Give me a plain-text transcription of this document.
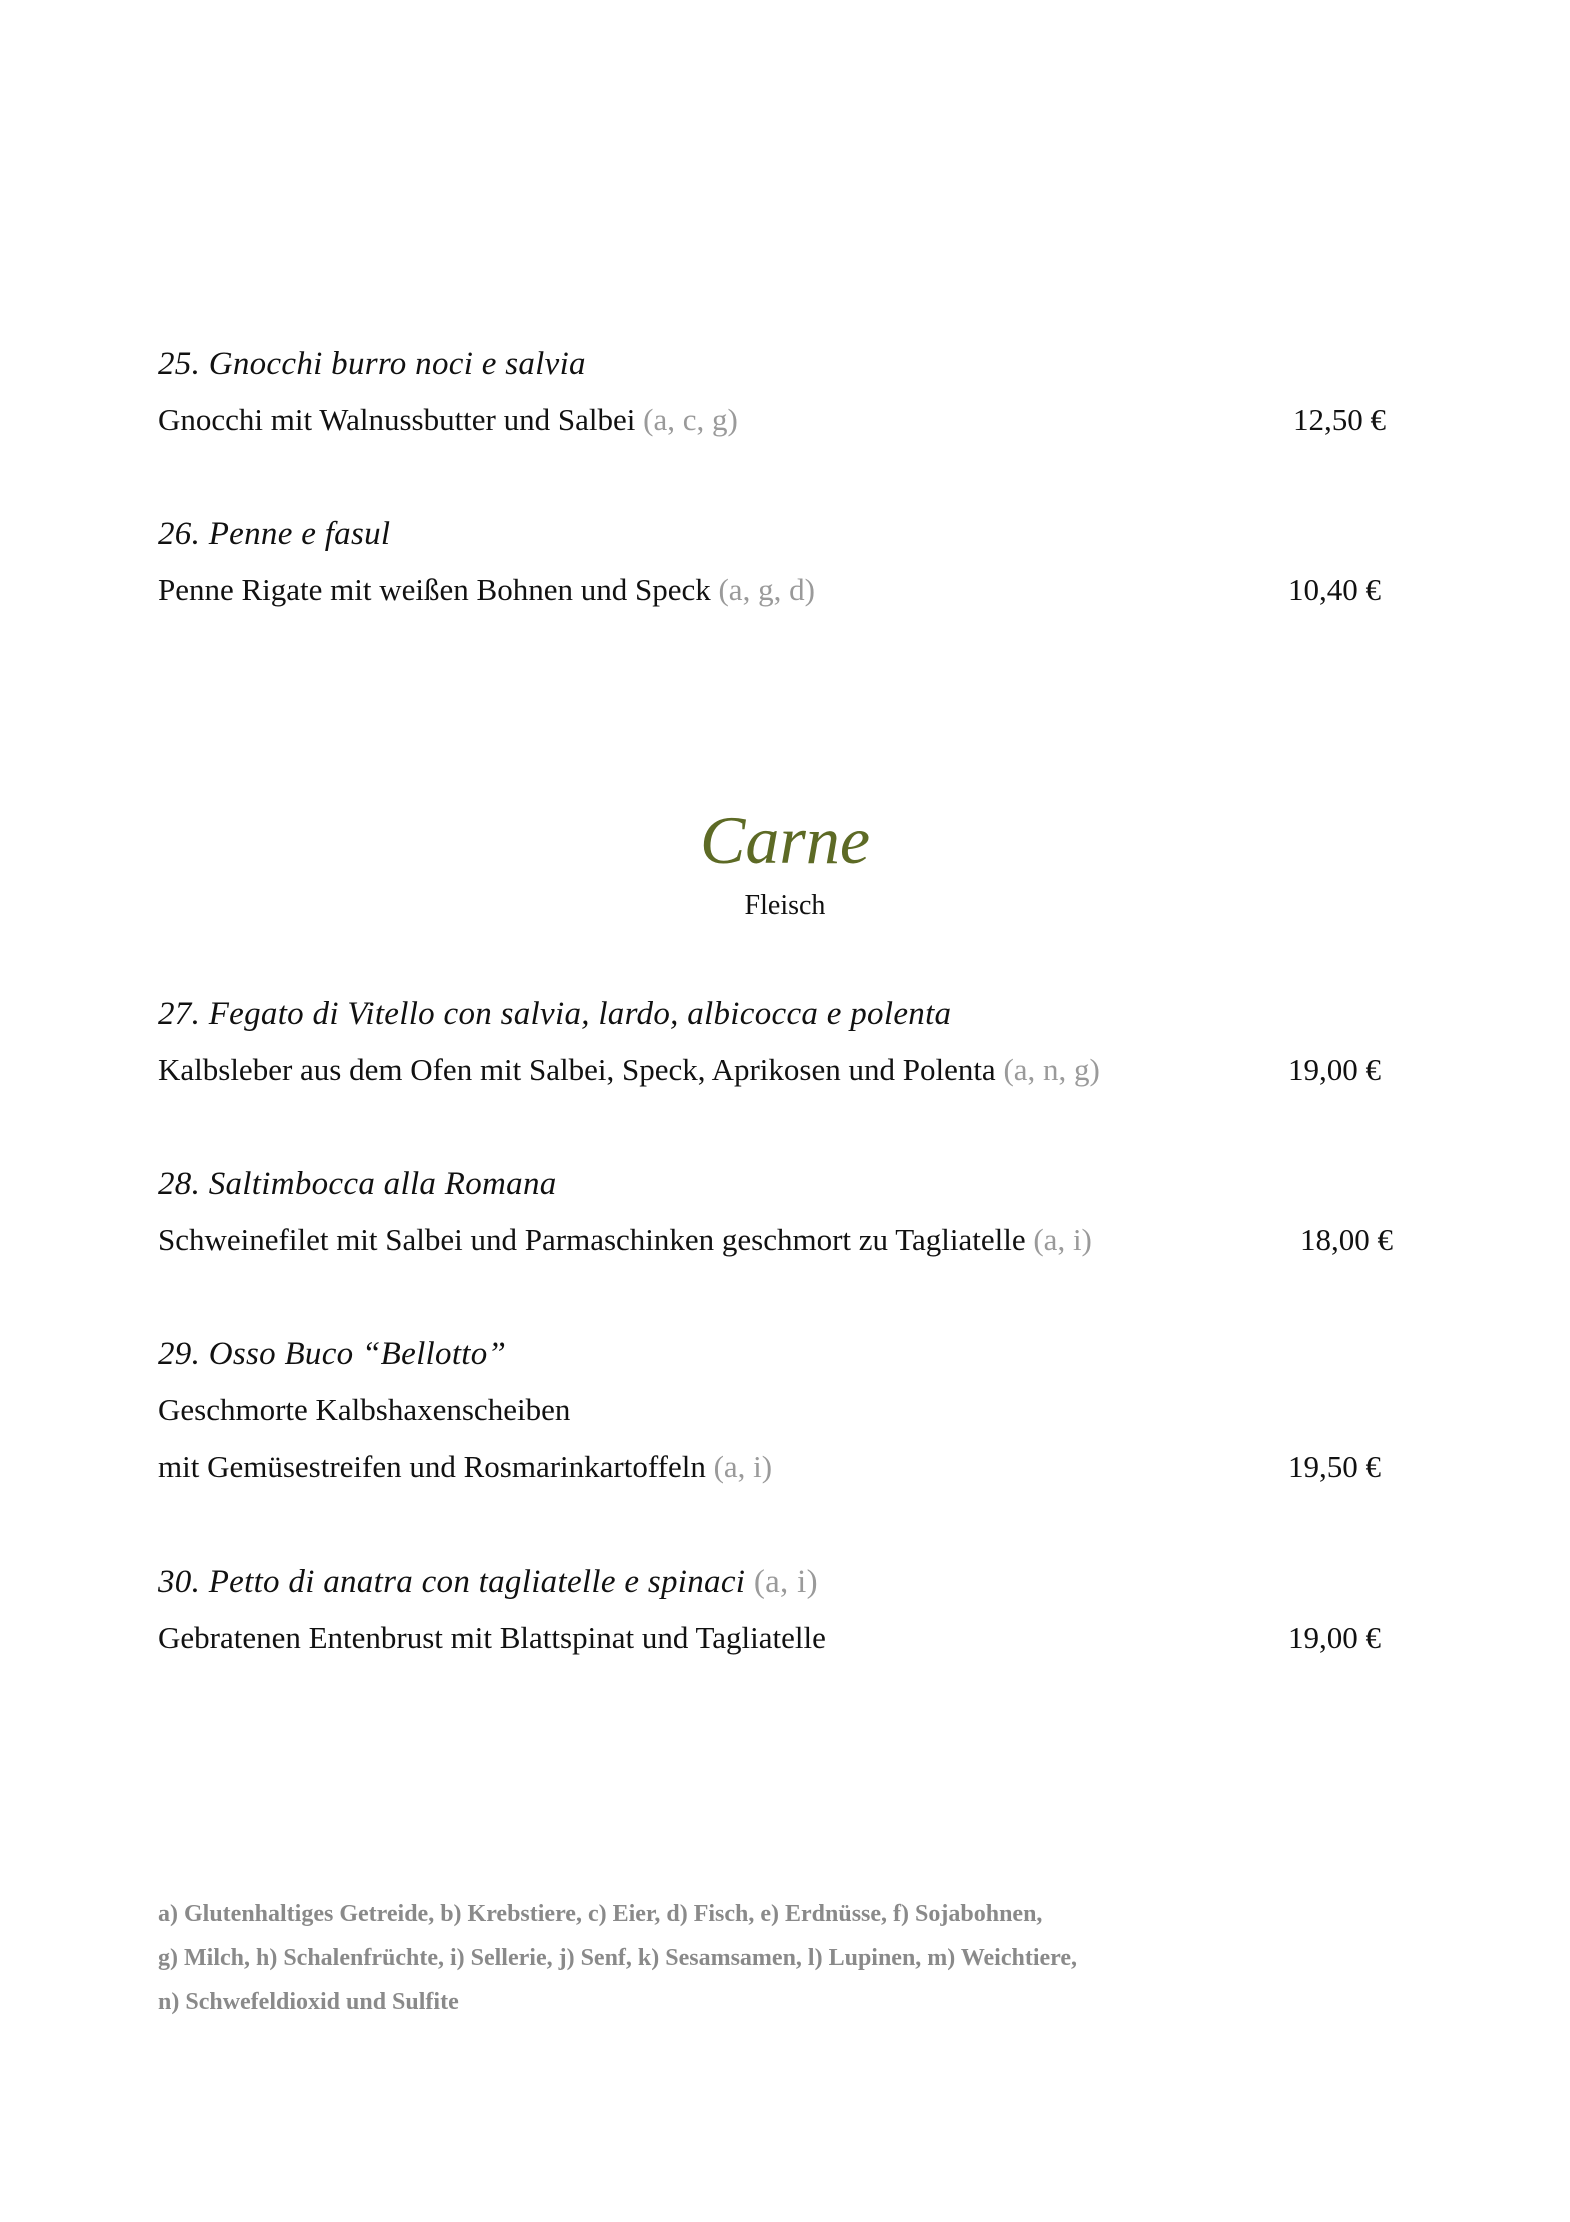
25. Gnocchi burro noci e salvia
Gnocchi mit Walnussbutter und Salbei (a, c, g)	12,50 €
26. Penne e fasul
Penne Rigate mit weißen Bohnen und Speck (a, g, d)	10,40 €
Carne
Fleisch
27. Fegato di Vitello con salvia, lardo, albicocca e polenta
Kalbsleber aus dem Ofen mit Salbei, Speck, Aprikosen und Polenta (a, n, g)	19,00 €
28. Saltimbocca alla Romana
Schweinefilet mit Salbei und Parmaschinken geschmort zu Tagliatelle (a, i)	18,00 €
29. Osso Buco “Bellotto”
Geschmorte Kalbshaxenscheiben
mit Gemüsestreifen und Rosmarinkartoffeln (a, i)	19,50 €
30. Petto di anatra con tagliatelle e spinaci (a, i)
Gebratenen Entenbrust mit Blattspinat und Tagliatelle	19,00 €
a) Glutenhaltiges Getreide, b) Krebstiere, c) Eier, d) Fisch, e) Erdnüsse, f) Sojabohnen,
g) Milch, h) Schalenfrüchte, i) Sellerie, j) Senf, k) Sesamsamen, l) Lupinen, m) Weichtiere,
n) Schwefeldioxid und Sulfite
